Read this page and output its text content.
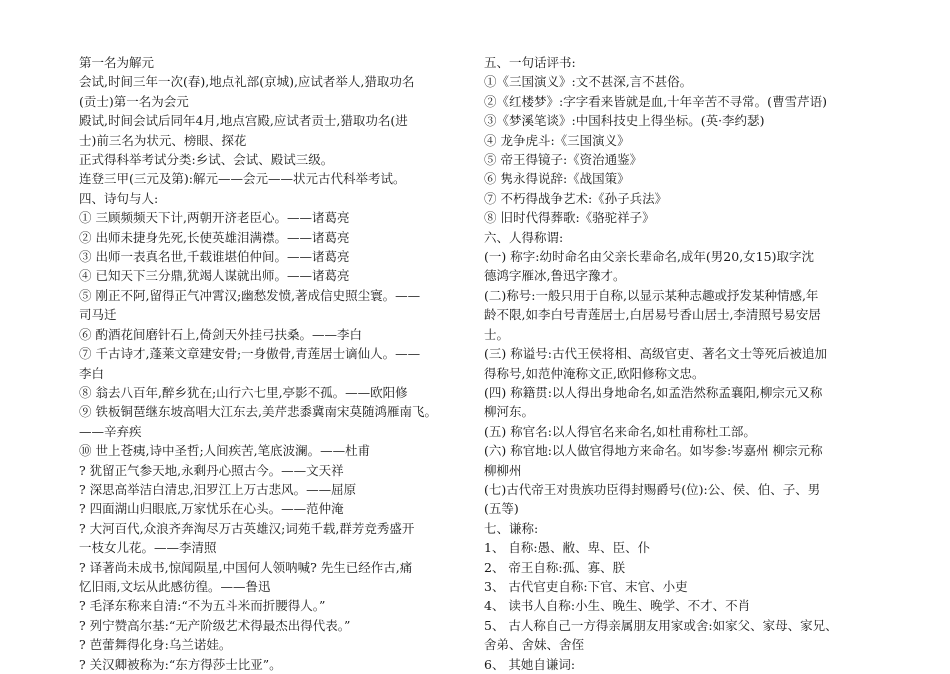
第一名为解元
会试,时间三年一次(春),地点礼部(京城),应试者举人,猎取功名
(贡士)第一名为会元
殿试,时间会试后同年4月,地点宫殿,应试者贡士,猎取功名(进
士)前三名为状元、榜眼、探花
正式得科举考试分类:乡试、会试、殿试三级。
连登三甲(三元及第):解元——会元——状元古代科举考试。
四、诗句与人:
① 三顾频频天下计,两朝开济老臣心。——诸葛亮
② 出师未捷身先死,长使英雄泪满襟。——诸葛亮
③ 出师一表真名世,千载谁堪伯仲间。——诸葛亮
④ 已知天下三分鼎,犹竭人谋就出师。——诸葛亮
⑤ 刚正不阿,留得正气冲霄汉;幽愁发愤,著成信史照尘寰。——
司马迁
⑥ 酌酒花间磨针石上,倚剑天外挂弓扶桑。——李白
⑦ 千古诗才,蓬莱文章建安骨;一身傲骨,青莲居士谪仙人。——
李白
⑧ 翁去八百年,醉乡犹在;山行六七里,亭影不孤。——欧阳修
⑨ 铁板铜琶继东坡高唱大江东去,美芹悲黍冀南宋莫随鸿雁南飞。
——辛弃疾
⑩ 世上苍痍,诗中圣哲;人间疾苦,笔底波澜。——杜甫
? 犹留正气参天地,永剩丹心照古今。——文天祥
? 深思高举洁白清忠,汨罗江上万古悲风。——屈原
? 四面湖山归眼底,万家忧乐在心头。——范仲淹
? 大河百代,众浪齐奔淘尽万古英雄汉;词苑千载,群芳竞秀盛开
一枝女儿花。——李清照
? 译著尚未成书,惊闻陨星,中国何人领呐喊? 先生已经作古,痛
忆旧雨,文坛从此感彷徨。——鲁迅
? 毛泽东称来自清:“不为五斗米而折腰得人。”
? 列宁赞高尔基:“无产阶级艺术得最杰出得代表。”
? 芭蕾舞得化身:乌兰诺娃。
? 关汉卿被称为:“东方得莎士比亚”。
五、一句话评书:
①《三国演义》:文不甚深,言不甚俗。
②《红楼梦》:字字看来皆就是血,十年辛苦不寻常。(曹雪芹语)
③《梦溪笔谈》:中国科技史上得坐标。(英·李约瑟)
④ 龙争虎斗:《三国演义》
⑤ 帝王得镜子:《资治通鉴》
⑥ 隽永得说辞:《战国策》
⑦ 不朽得战争艺术:《孙子兵法》
⑧ 旧时代得葬歌:《骆驼祥子》
六、人得称谓:
(一) 称字:幼时命名由父亲长辈命名,成年(男20,女15)取字沈
德鸿字雁冰,鲁迅字豫才。
(二)称号:一般只用于自称,以显示某种志趣或抒发某种情感,年
龄不限,如李白号青莲居士,白居易号香山居士,李清照号易安居
士。
(三) 称谥号:古代王侯将相、高级官吏、著名文士等死后被追加
得称号,如范仲淹称文正,欧阳修称文忠。
(四) 称籍贯:以人得出身地命名,如孟浩然称孟襄阳,柳宗元又称
柳河东。
(五) 称官名:以人得官名来命名,如杜甫称杜工部。
(六) 称官地:以人做官得地方来命名。如岑参:岑嘉州 柳宗元称
柳柳州
(七)古代帝王对贵族功臣得封赐爵号(位):公、侯、伯、子、男
(五等)
七、谦称:
1、 自称:愚、敝、卑、臣、仆
2、 帝王自称:孤、寡、朕
3、 古代官吏自称:下官、末官、小吏
4、 读书人自称:小生、晚生、晚学、不才、不肖
5、 古人称自己一方得亲属朋友用家或舍:如家父、家母、家兄、
舍弟、舍妹、舍侄
6、 其她自谦词:
